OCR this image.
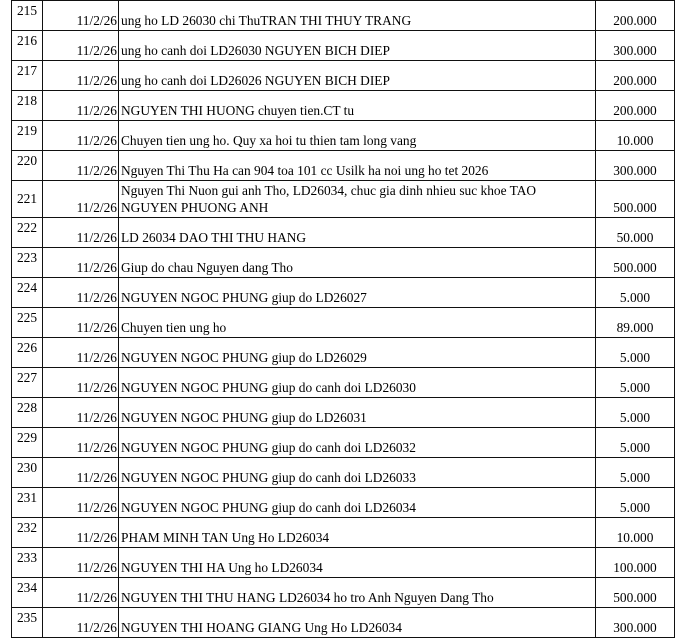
215	11/2/26	ung ho LD 26030 chi ThuTRAN THI THUY TRANG	200.000
216	11/2/26	ung ho canh doi LD26030 NGUYEN BICH DIEP	300.000
217	11/2/26	ung ho canh doi LD26026 NGUYEN BICH DIEP	200.000
218	11/2/26	NGUYEN THI HUONG chuyen tien.CT tu	200.000
219	11/2/26	Chuyen tien ung ho. Quy xa hoi tu thien tam long vang	10.000
220	11/2/26	Nguyen Thi Thu Ha can 904 toa 101 cc Usilk ha noi ung ho tet 2026	300.000
221	11/2/26	Nguyen Thi Nuon gui anh Tho, LD26034, chuc gia dinh nhieu suc khoe TAO NGUYEN PHUONG ANH	500.000
222	11/2/26	LD 26034 DAO THI THU HANG	50.000
223	11/2/26	Giup do chau Nguyen dang Tho	500.000
224	11/2/26	NGUYEN NGOC PHUNG giup do LD26027	5.000
225	11/2/26	Chuyen tien ung ho	89.000
226	11/2/26	NGUYEN NGOC PHUNG giup do LD26029	5.000
227	11/2/26	NGUYEN NGOC PHUNG giup do canh doi LD26030	5.000
228	11/2/26	NGUYEN NGOC PHUNG giup do LD26031	5.000
229	11/2/26	NGUYEN NGOC PHUNG giup do canh doi LD26032	5.000
230	11/2/26	NGUYEN NGOC PHUNG giup do canh doi LD26033	5.000
231	11/2/26	NGUYEN NGOC PHUNG giup do canh doi LD26034	5.000
232	11/2/26	PHAM MINH TAN Ung Ho LD26034	10.000
233	11/2/26	NGUYEN THI HA Ung ho LD26034	100.000
234	11/2/26	NGUYEN THI THU HANG LD26034 ho tro Anh Nguyen Dang Tho	500.000
235	11/2/26	NGUYEN THI HOANG GIANG Ung Ho LD26034	300.000
